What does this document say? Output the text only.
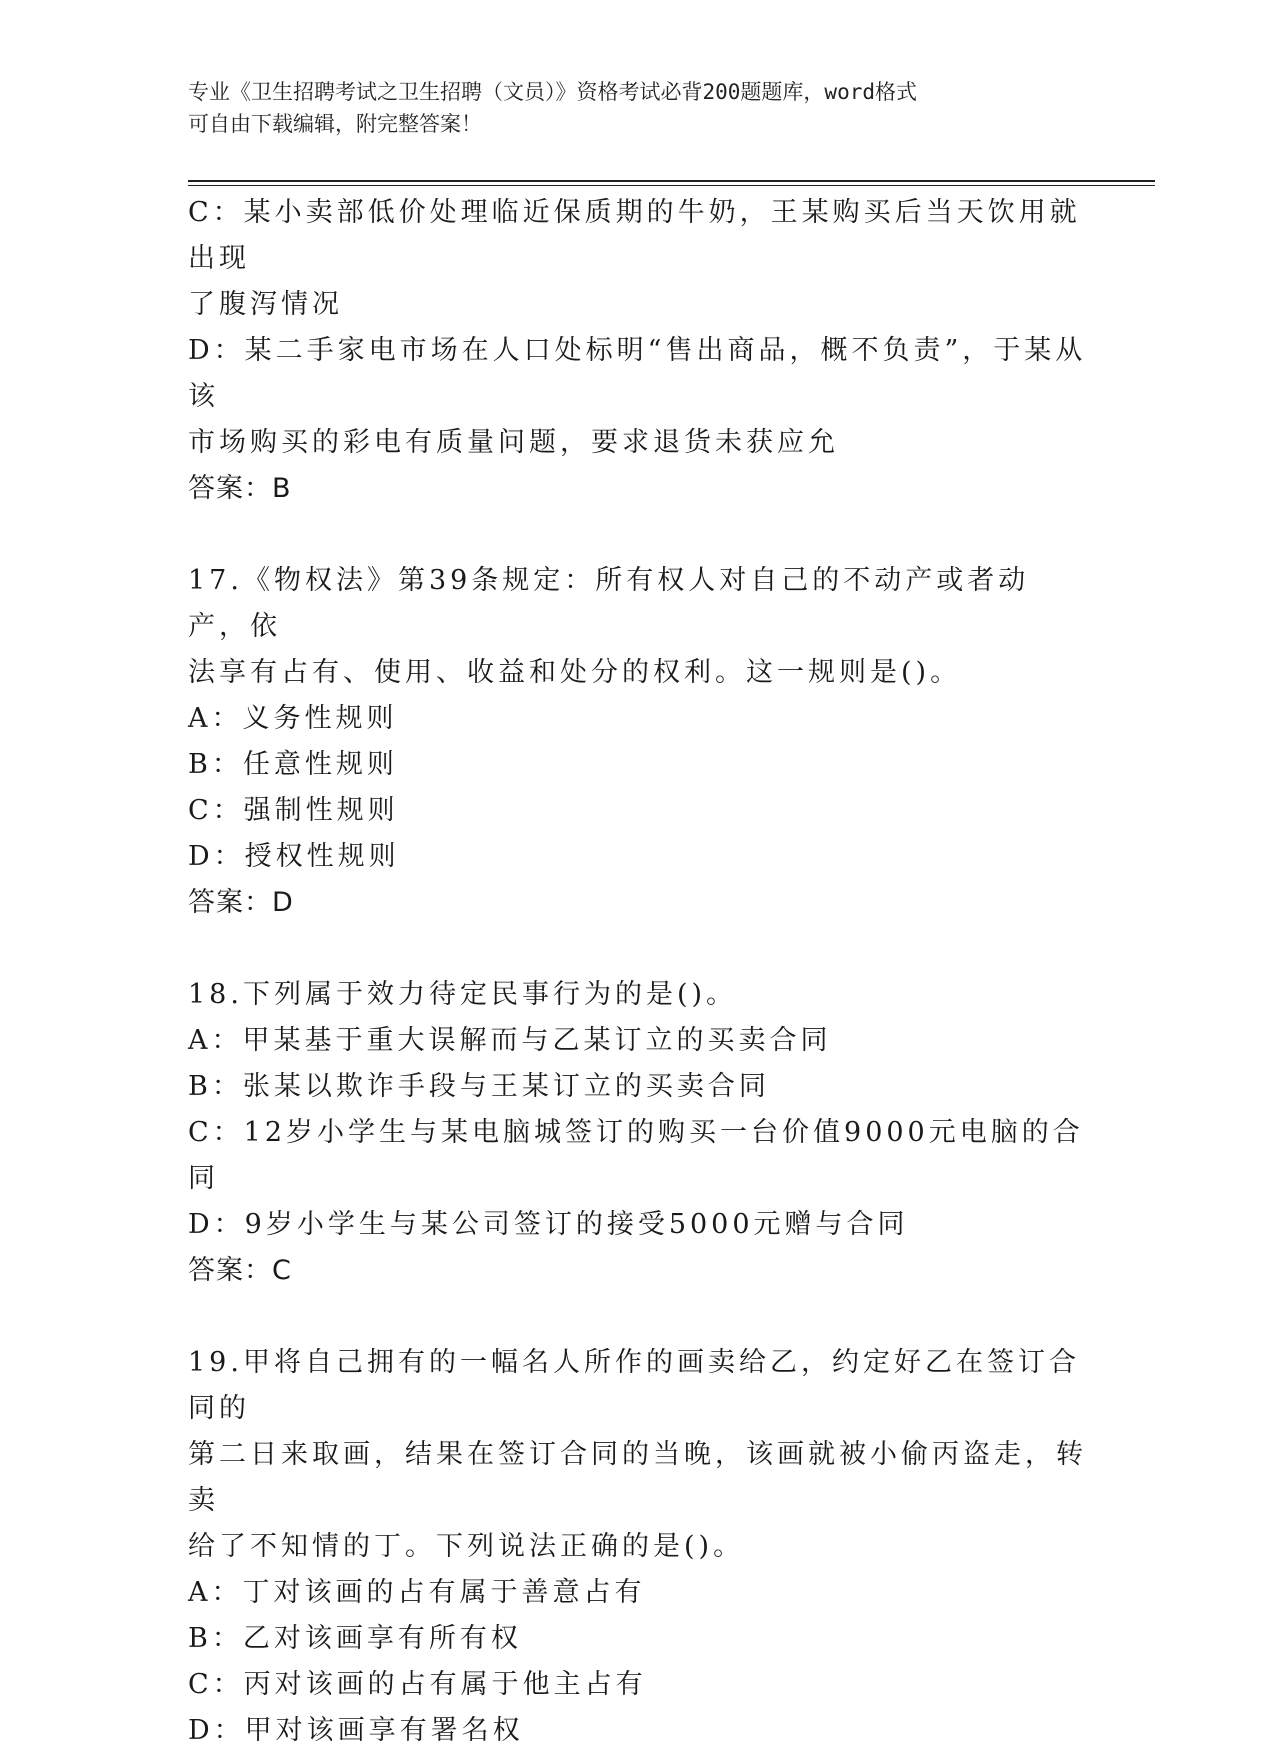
专业《卫生招聘考试之卫生招聘（文员）》资格考试必背200题题库，word格式
可自由下载编辑，附完整答案！
C：某小卖部低价处理临近保质期的牛奶，王某购买后当天饮用就出现
了腹泻情况
D：某二手家电市场在人口处标明“售出商品，概不负责”，于某从该
市场购买的彩电有质量问题，要求退货未获应允
答案：B
17.《物权法》第39条规定：所有权人对自己的不动产或者动产，依
法享有占有、使用、收益和处分的权利。这一规则是()。
A：义务性规则
B：任意性规则
C：强制性规则
D：授权性规则
答案：D
18.下列属于效力待定民事行为的是()。
A：甲某基于重大误解而与乙某订立的买卖合同
B：张某以欺诈手段与王某订立的买卖合同
C：12岁小学生与某电脑城签订的购买一台价值9000元电脑的合同
D：9岁小学生与某公司签订的接受5000元赠与合同
答案：C
19.甲将自己拥有的一幅名人所作的画卖给乙，约定好乙在签订合同的
第二日来取画，结果在签订合同的当晚，该画就被小偷丙盗走，转卖
给了不知情的丁。下列说法正确的是()。
A：丁对该画的占有属于善意占有
B：乙对该画享有所有权
C：丙对该画的占有属于他主占有
D：甲对该画享有署名权
